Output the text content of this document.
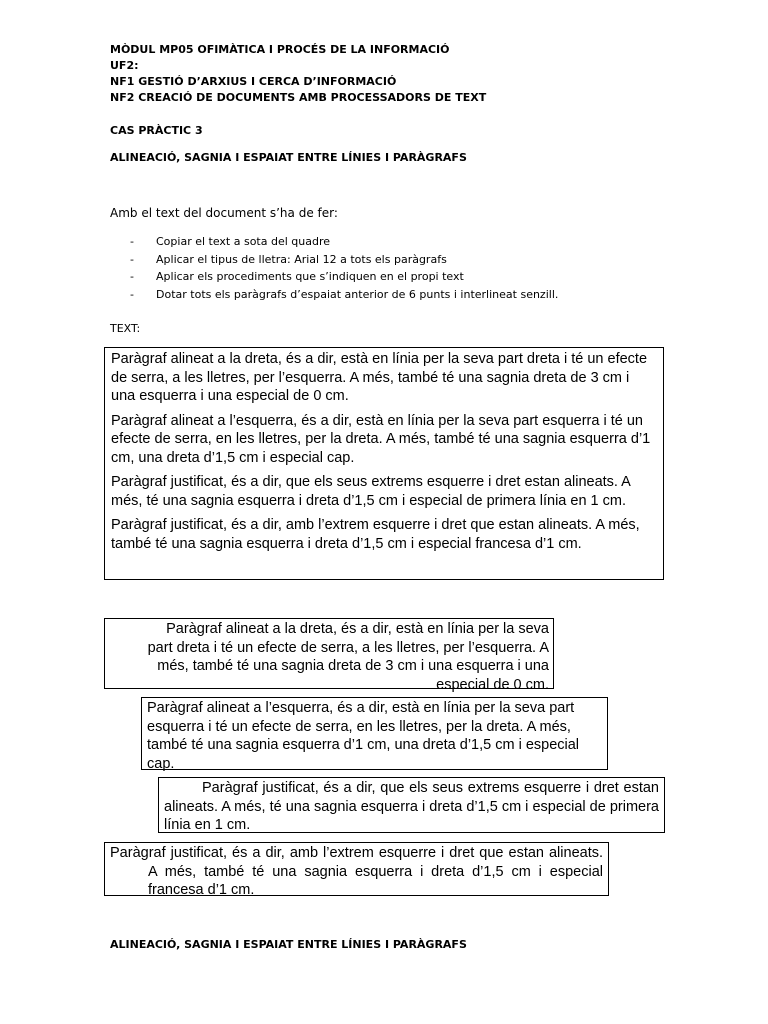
MÒDUL MP05 OFIMÀTICA I PROCÉS DE LA INFORMACIÓ
UF2:
NF1 GESTIÓ D’ARXIUS I CERCA D’INFORMACIÓ
NF2 CREACIÓ DE DOCUMENTS AMB PROCESSADORS DE TEXT
CAS PRÀCTIC 3
ALINEACIÓ, SAGNIA I ESPAIAT ENTRE LÍNIES I PARÀGRAFS
Amb el text del document s’ha de fer:
- Copiar el text a sota del quadre
- Aplicar el tipus de lletra: Arial 12 a tots els paràgrafs
- Aplicar els procediments que s’indiquen en el propi text
- Dotar tots els paràgrafs d’espaiat anterior de 6 punts i interlineat senzill.
TEXT:

Paràgraf alineat a la dreta, és a dir, està en línia per la seva part dreta i té un efecte de serra, a les lletres, per l’esquerra. A més, també té una sagnia dreta de 3 cm i una esquerra i una especial de 0 cm.

Paràgraf alineat a l’esquerra, és a dir, està en línia per la seva part esquerra i té un efecte de serra, en les lletres, per la dreta. A més, també té una sagnia esquerra d’1 cm, una dreta d’1,5 cm i especial cap.

Paràgraf justificat, és a dir, que els seus extrems esquerre i dret estan alineats. A més, té una sagnia esquerra i dreta d’1,5 cm i especial de primera línia en 1 cm.

Paràgraf justificat, és a dir, amb l’extrem esquerre i dret que estan alineats. A més, també té una sagnia esquerra i dreta d’1,5 cm i especial francesa d’1 cm.

Paràgraf alineat a la dreta, és a dir, està en línia per la seva
part dreta i té un efecte de serra, a les lletres, per l’esquerra. A
més, també té una sagnia dreta de 3 cm i una esquerra i una
especial de 0 cm.
Paràgraf alineat a l’esquerra, és a dir, està en línia per la seva part esquerra i té un efecte de serra, en les lletres, per la dreta. A més, també té una sagnia esquerra d’1 cm, una dreta d’1,5 cm i especial cap.
Paràgraf justificat, és a dir, que els seus extrems esquerre i dret estan alineats. A més, té una sagnia esquerra i dreta d’1,5 cm i especial de primera línia en 1 cm.
Paràgraf justificat, és a dir, amb l’extrem esquerre i dret que estan alineats. A més, també té una sagnia esquerra i dreta d’1,5 cm i especial francesa d’1 cm.
ALINEACIÓ, SAGNIA I ESPAIAT ENTRE LÍNIES I PARÀGRAFS
